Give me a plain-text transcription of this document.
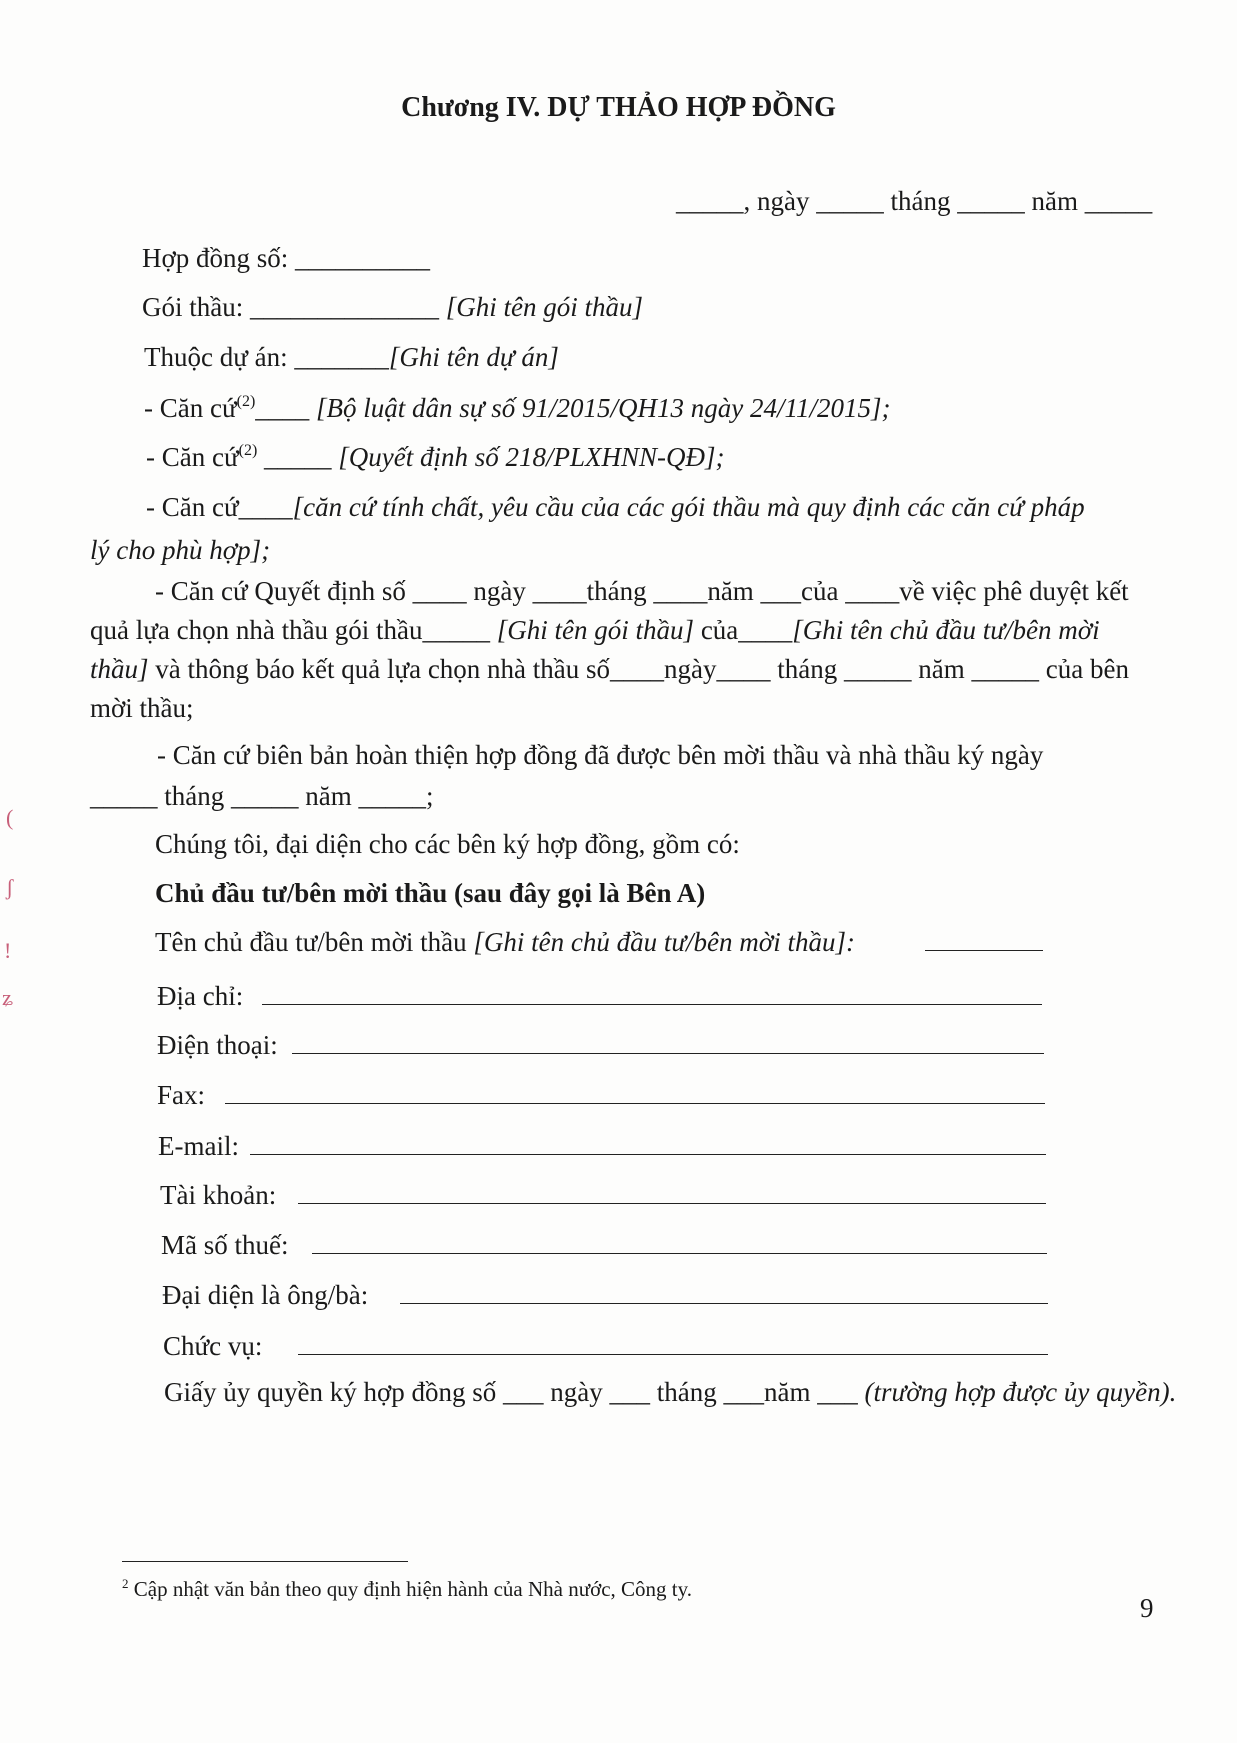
(
ʃ
!
ʑ
Chương IV. DỰ THẢO HỢP ĐỒNG
_____, ngày _____ tháng _____ năm _____
Hợp đồng số: __________
Gói thầu: ______________ [Ghi tên gói thầu]
Thuộc dự án: _______[Ghi tên dự án]
- Căn cứ$^{(2)}$____ [Bộ luật dân sự số 91/2015/QH13 ngày 24/11/2015];
- Căn cứ$^{(2)}$ _____ [Quyết định số 218/PLXHNN-QĐ];
- Căn cứ____[căn cứ tính chất, yêu cầu của các gói thầu mà quy định các căn cứ pháp
lý cho phù hợp];
- Căn cứ Quyết định số ____ ngày ____tháng ____năm ___của ____về việc phê duyệt kết
quả lựa chọn nhà thầu gói thầu_____ [Ghi tên gói thầu] của____[Ghi tên chủ đầu tư/bên mời
thầu] và thông báo kết quả lựa chọn nhà thầu số____ngày____ tháng _____ năm _____ của bên
mời thầu;
- Căn cứ biên bản hoàn thiện hợp đồng đã được bên mời thầu và nhà thầu ký ngày
_____ tháng _____ năm _____;
Chúng tôi, đại diện cho các bên ký hợp đồng, gồm có:
Chủ đầu tư/bên mời thầu (sau đây gọi là Bên A)
Tên chủ đầu tư/bên mời thầu [Ghi tên chủ đầu tư/bên mời thầu]:
Địa chỉ:
Điện thoại:
Fax:
E-mail:
Tài khoản:
Mã số thuế:
Đại diện là ông/bà:
Chức vụ:
Giấy ủy quyền ký hợp đồng số ___ ngày ___ tháng ___năm ___ (trường hợp được ủy quyền).
$^2$ Cập nhật văn bản theo quy định hiện hành của Nhà nước, Công ty.
9
